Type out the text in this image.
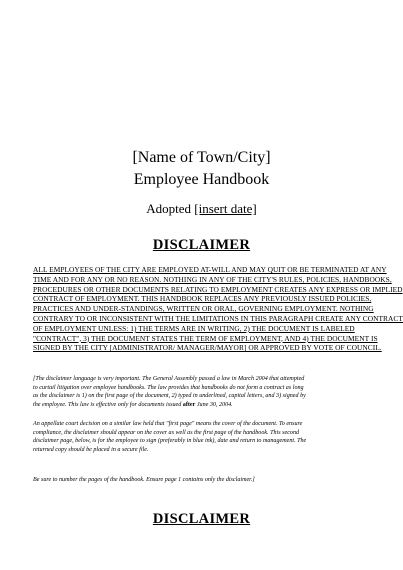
[Name of Town/City]
Employee Handbook
Adopted [insert date]
DISCLAIMER
ALL EMPLOYEES OF THE CITY ARE EMPLOYED AT-WILL AND MAY QUIT OR BE TERMINATED AT ANY
TIME AND FOR ANY OR NO REASON. NOTHING IN ANY OF THE CITY'S RULES, POLICIES, HANDBOOKS,
PROCEDURES OR OTHER DOCUMENTS RELATING TO EMPLOYMENT CREATES ANY EXPRESS OR IMPLIED
CONTRACT OF EMPLOYMENT. THIS HANDBOOK REPLACES ANY PREVIOUSLY ISSUED POLICIES,
PRACTICES AND UNDER-STANDINGS, WRITTEN OR ORAL, GOVERNING EMPLOYMENT. NOTHING
CONTRARY TO OR INCONSISTENT WITH THE LIMITATIONS IN THIS PARAGRAPH CREATE ANY CONTRACT
OF EMPLOYMENT UNLESS: 1) THE TERMS ARE IN WRITING, 2) THE DOCUMENT IS LABELED
"CONTRACT", 3) THE DOCUMENT STATES THE TERM OF EMPLOYMENT, AND 4) THE DOCUMENT IS
SIGNED BY THE CITY [ADMINISTRATOR/ MANAGER/MAYOR] OR APPROVED BY VOTE OF COUNCIL.
[The disclaimer language is very important. The General Assembly passed a law in March 2004 that attempted
to curtail litigation over employee handbooks. The law provides that handbooks do not form a contract as long
as the disclaimer is 1) on the first page of the document, 2) typed in underlined, capital letters, and 3) signed by
the employee. This law is effective only for documents issued after June 30, 2004.
An appellate court decision on a similar law held that "first page" means the cover of the document. To ensure
compliance, the disclaimer should appear on the cover as well as the first page of the handbook. This second
disclaimer page, below, is for the employee to sign (preferably in blue ink), date and return to management. The
returned copy should be placed in a secure file.
Be sure to number the pages of the handbook. Ensure page 1 contains only the disclaimer.]
DISCLAIMER
